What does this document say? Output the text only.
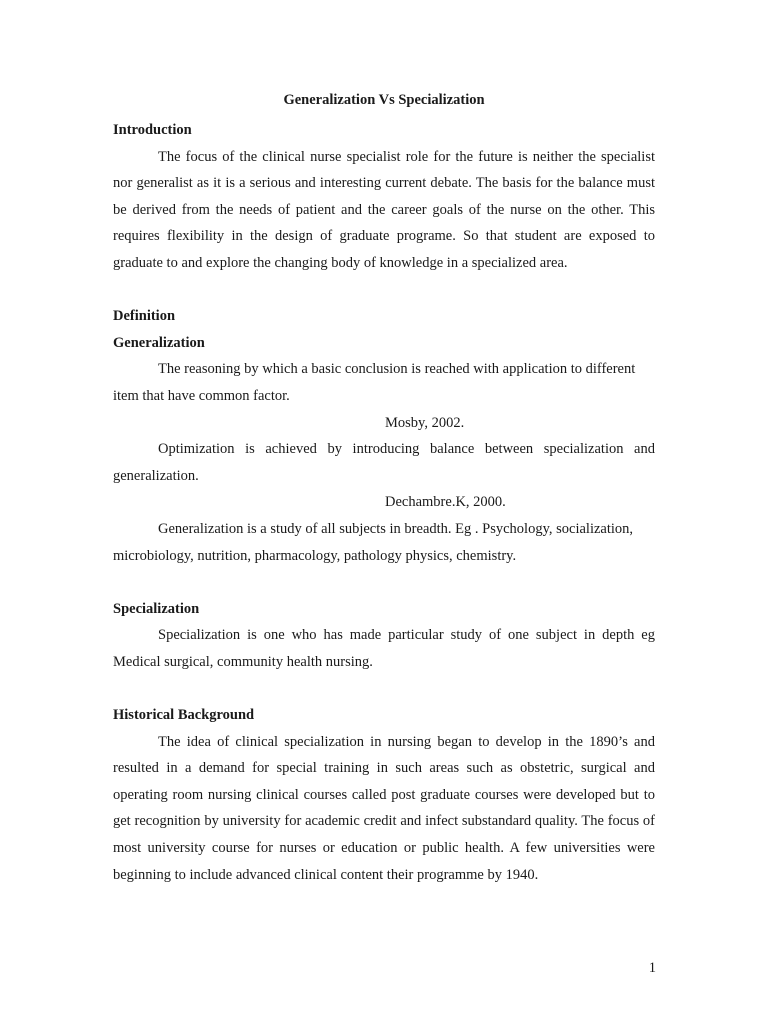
Generalization Vs Specialization

Introduction

The focus of the clinical nurse specialist role for the future is neither the specialist nor generalist as it is a serious and interesting current debate. The basis for the balance must be derived from the needs of patient and the career goals of the nurse on the other. This requires flexibility in the design of graduate programe. So that student are exposed to graduate to and explore the changing body of knowledge in a specialized area.

Definition

Generalization

The reasoning by which a basic conclusion is reached with application to different item that have common factor.

Mosby, 2002.

Optimization is achieved by introducing balance between specialization and generalization.

Dechambre.K, 2000.

Generalization is a study of all subjects in breadth. Eg . Psychology, socialization, microbiology, nutrition, pharmacology, pathology physics, chemistry.

Specialization

Specialization is one who has made particular study of one subject in depth eg Medical surgical, community health nursing.

Historical Background

The idea of clinical specialization in nursing began to develop in the 1890’s and resulted in a demand for special training in such areas such as obstetric, surgical and operating room nursing clinical courses called post graduate courses were developed but to get recognition by university for academic credit and infect substandard quality. The focus of most university course for nurses or education or public health. A few universities were beginning to include advanced clinical content their programme by 1940.

1
